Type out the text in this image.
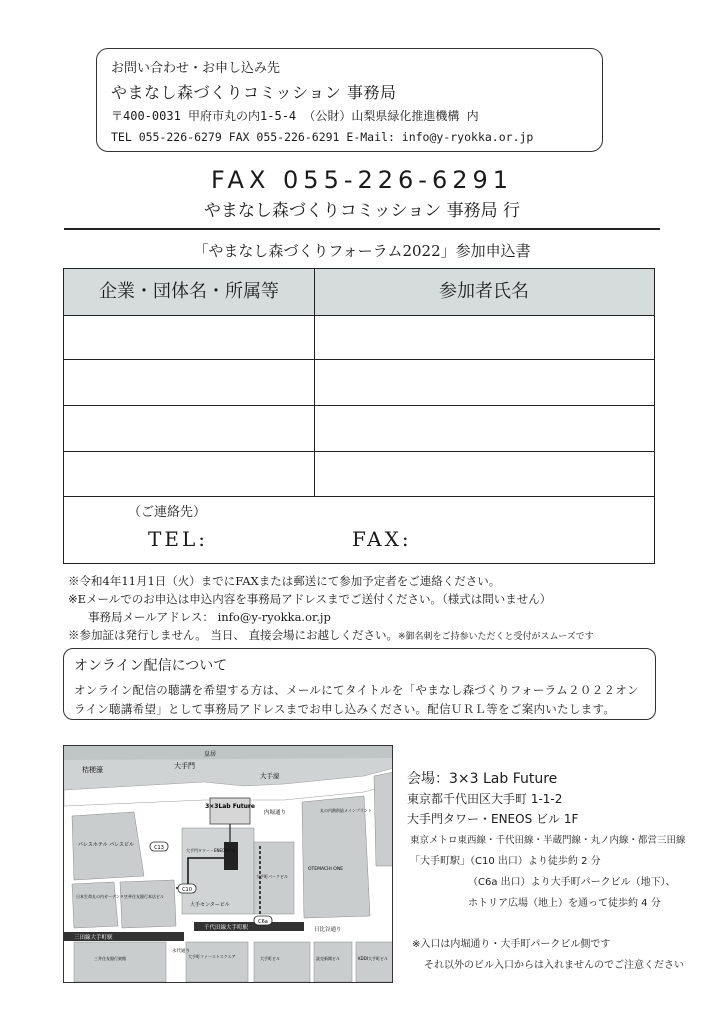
お問い合わせ・お申し込み先
やまなし森づくりコミッション 事務局
〒400-0031 甲府市丸の内1-5-4 （公財）山梨県緑化推進機構 内
TEL 055-226-6279 FAX 055-226-6291 E-Mail: info@y-ryokka.or.jp
FAX 055-226-6291
やまなし森づくりコミッション 事務局 行
「やまなし森づくりフォーラム2022」参加申込書
企業・団体名・所属等	参加者氏名
（ご連絡先）
TEL:	FAX:
※令和4年11月1日（火）までにFAXまたは郵送にて参加予定者をご連絡ください。
※Eメールでのお申込は申込内容を事務局アドレスまでご送付ください。（様式は問いません）
事務局メールアドレス： info@y-ryokka.or.jp
※参加証は発行しません。 当日、 直接会場にお越しください。※御名刺をご持参いただくと受付がスムーズです
オンライン配信について
オンライン配信の聴講を希望する方は、メールにてタイトルを「やまなし森づくりフォーラム２０２２オンライン聴講希望」として事務局アドレスまでお申し込みください。配信ＵＲＬ等をご案内いたします。
皇居
桔梗濠	大手門
大手濠
3×3Lab Future
内堀通り	丸の内熱供給メインプラント
パレスホテル パレスビル	C13	大手門タワー・ENEOSビル
大手町パークビル
OTEMACHI ONE
日本生命丸の内ガーデンタワー
三井住友銀行本店ビル
C10
大手センタービル
C6a
千代田線大手町駅	日比谷通り
三田線大手町駅
永代通り
大手町ファーストスクエア
三井住友銀行東館	大手町ビル	読売新聞ビル	KDDI大手町ビル
会場：3×3 Lab Future
東京都千代田区大手町 1-1-2
大手門タワー・ENEOS ビル 1F
東京メトロ東西線・千代田線・半蔵門線・丸ノ内線・都営三田線
「大手町駅」（C10 出口）より徒歩約 2 分
（C6a 出口）より大手町パークビル（地下）、
ホトリア広場（地上）を通って徒歩約 4 分
※入口は内堀通り・大手町パークビル側です
それ以外のビル入口からは入れませんのでご注意ください
